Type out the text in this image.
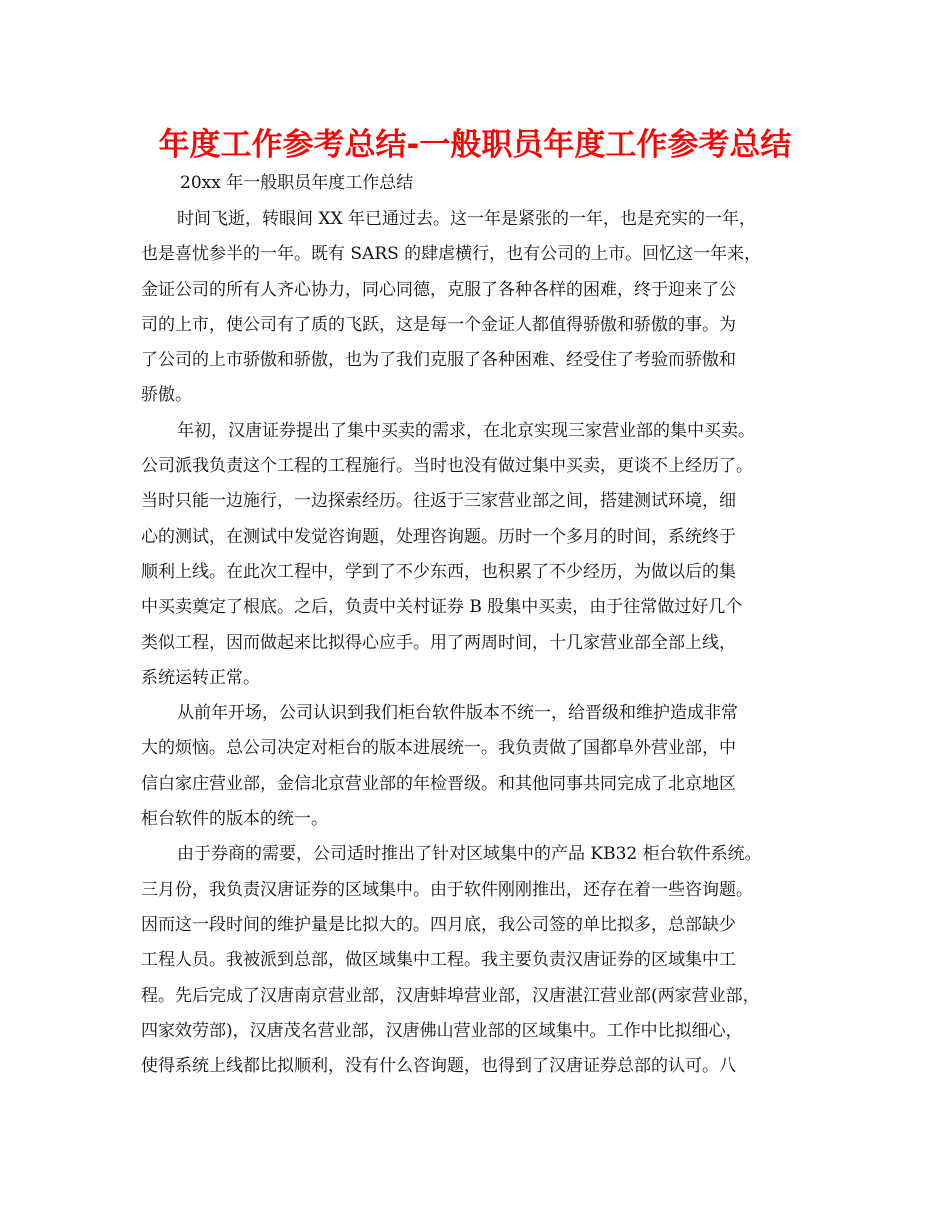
年度工作参考总结-一般职员年度工作参考总结

20xx 年一般职员年度工作总结

时间飞逝，转眼间 XX 年已通过去。这一年是紧张的一年，也是充实的一年，
也是喜忧参半的一年。既有 SARS 的肆虐横行，也有公司的上市。回忆这一年来，
金证公司的所有人齐心协力，同心同德，克服了各种各样的困难，终于迎来了公
司的上市，使公司有了质的飞跃，这是每一个金证人都值得骄傲和骄傲的事。为
了公司的上市骄傲和骄傲，也为了我们克服了各种困难、经受住了考验而骄傲和
骄傲。
年初，汉唐证券提出了集中买卖的需求，在北京实现三家营业部的集中买卖。
公司派我负责这个工程的工程施行。当时也没有做过集中买卖，更谈不上经历了。
当时只能一边施行，一边探索经历。往返于三家营业部之间，搭建测试环境，细
心的测试，在测试中发觉咨询题，处理咨询题。历时一个多月的时间，系统终于
顺利上线。在此次工程中，学到了不少东西，也积累了不少经历，为做以后的集
中买卖奠定了根底。之后，负责中关村证券 B 股集中买卖，由于往常做过好几个
类似工程，因而做起来比拟得心应手。用了两周时间，十几家营业部全部上线，
系统运转正常。
从前年开场，公司认识到我们柜台软件版本不统一，给晋级和维护造成非常
大的烦恼。总公司决定对柜台的版本进展统一。我负责做了国都阜外营业部，中
信白家庄营业部，金信北京营业部的年检晋级。和其他同事共同完成了北京地区
柜台软件的版本的统一。
由于券商的需要，公司适时推出了针对区域集中的产品 KB32 柜台软件系统。
三月份，我负责汉唐证券的区域集中。由于软件刚刚推出，还存在着一些咨询题。
因而这一段时间的维护量是比拟大的。四月底，我公司签的单比拟多，总部缺少
工程人员。我被派到总部，做区域集中工程。我主要负责汉唐证券的区域集中工
程。先后完成了汉唐南京营业部，汉唐蚌埠营业部，汉唐湛江营业部(两家营业部，
四家效劳部)，汉唐茂名营业部，汉唐佛山营业部的区域集中。工作中比拟细心，
使得系统上线都比拟顺利，没有什么咨询题，也得到了汉唐证券总部的认可。八
